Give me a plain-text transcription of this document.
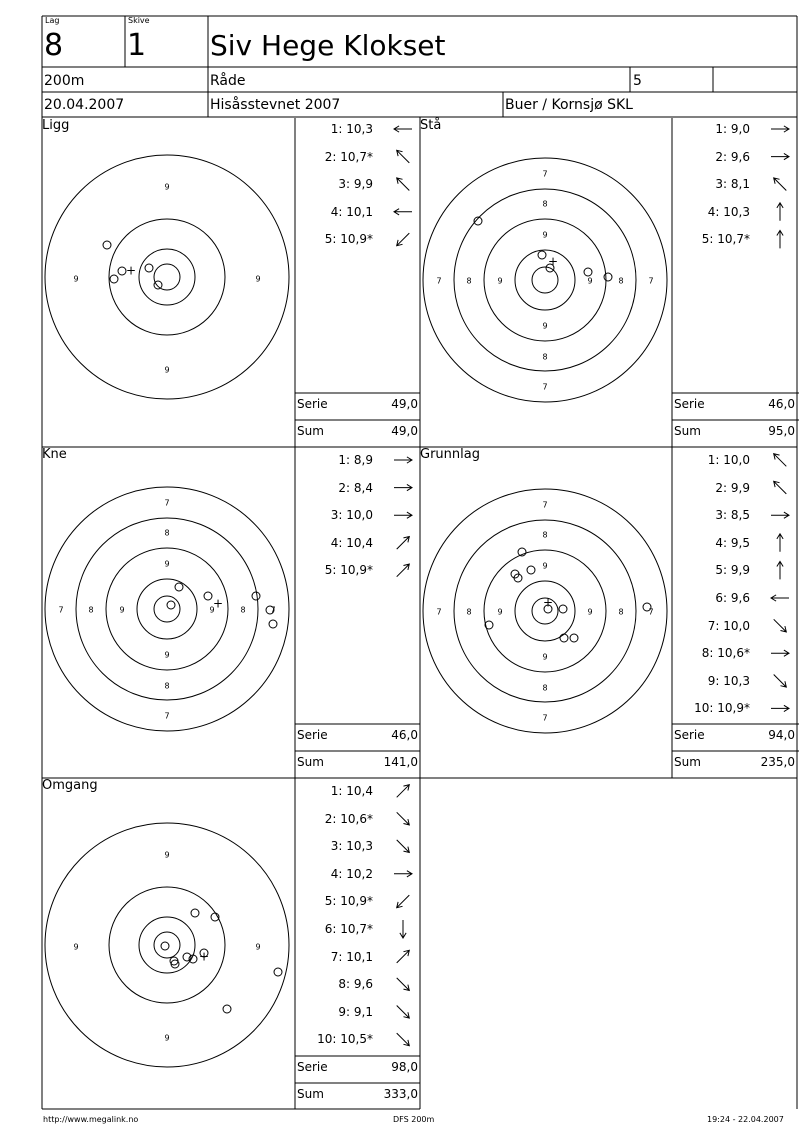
9
9
9	9
+
7
7
7	7
8
8
8	8
9
9
9	9
+
7
7
7	7
8
8
8	8
9
9
9	9
+
7
7
7	7
8
8
8	8
9
9
9	9
+
9
9
9	9
+
Lag
8
Skive
1 Siv Hege Klokset
200m	Råde	5
20.04.2007	Hisåsstevnet 2007	Buer / Kornsjø SKL
Ligg	1: 10,3
2: 10,7*
3: 9,9
4: 10,1
5: 10,9*
Serie	49,0
Sum	49,0
Stå	1: 9,0
2: 9,6
3: 8,1
4: 10,3
5: 10,7*
Serie	46,0
Sum	95,0
Kne	1: 8,9
2: 8,4
3: 10,0
4: 10,4
5: 10,9*
Serie	46,0
Sum	141,0
Grunnlag	1: 10,0
2: 9,9
3: 8,5
4: 9,5
5: 9,9
6: 9,6
7: 10,0
8: 10,6*
9: 10,3
10: 10,9*
Serie	94,0
Sum	235,0
Omgang	1: 10,4
2: 10,6*
3: 10,3
4: 10,2
5: 10,9*
6: 10,7*
7: 10,1
8: 9,6
9: 9,1
10: 10,5*
Serie	98,0
Sum	333,0
http://www.megalink.no	DFS 200m	19:24 - 22.04.2007
